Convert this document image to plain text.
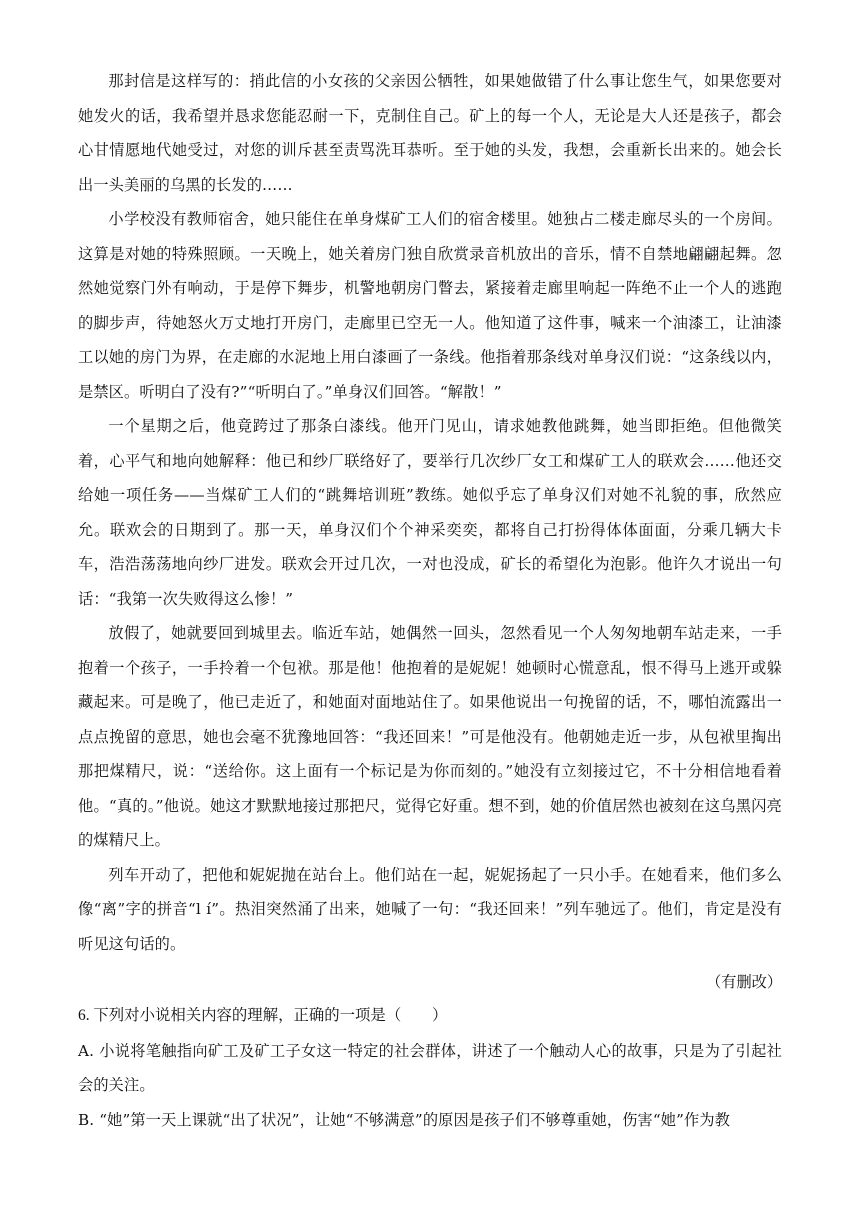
那封信是这样写的：捎此信的小女孩的父亲因公牺牲，如果她做错了什么事让您生气，如果您要对她发火的话，我希望并恳求您能忍耐一下，克制住自己。矿上的每一个人，无论是大人还是孩子，都会心甘情愿地代她受过，对您的训斥甚至责骂洗耳恭听。至于她的头发，我想，会重新长出来的。她会长出一头美丽的乌黑的长发的……

小学校没有教师宿舍，她只能住在单身煤矿工人们的宿舍楼里。她独占二楼走廊尽头的一个房间。这算是对她的特殊照顾。一天晚上，她关着房门独自欣赏录音机放出的音乐，情不自禁地翩翩起舞。忽然她觉察门外有响动，于是停下舞步，机警地朝房门瞥去，紧接着走廊里响起一阵绝不止一个人的逃跑的脚步声，待她怒火万丈地打开房门，走廊里已空无一人。他知道了这件事，喊来一个油漆工，让油漆工以她的房门为界，在走廊的水泥地上用白漆画了一条线。他指着那条线对单身汉们说：“这条线以内，是禁区。听明白了没有?”“听明白了。”单身汉们回答。“解散！”

一个星期之后，他竟跨过了那条白漆线。他开门见山，请求她教他跳舞，她当即拒绝。但他微笑着，心平气和地向她解释：他已和纱厂联络好了，要举行几次纱厂女工和煤矿工人的联欢会……他还交给她一项任务——当煤矿工人们的“跳舞培训班”教练。她似乎忘了单身汉们对她不礼貌的事，欣然应允。联欢会的日期到了。那一天，单身汉们个个神采奕奕，都将自己打扮得体体面面，分乘几辆大卡车，浩浩荡荡地向纱厂进发。联欢会开过几次，一对也没成，矿长的希望化为泡影。他许久才说出一句话：“我第一次失败得这么惨！”

放假了，她就要回到城里去。临近车站，她偶然一回头，忽然看见一个人匆匆地朝车站走来，一手抱着一个孩子，一手拎着一个包袱。那是他！他抱着的是妮妮！她顿时心慌意乱，恨不得马上逃开或躲藏起来。可是晚了，他已走近了，和她面对面地站住了。如果他说出一句挽留的话，不，哪怕流露出一点点挽留的意思，她也会毫不犹豫地回答：“我还回来！”可是他没有。他朝她走近一步，从包袱里掏出那把煤精尺，说：“送给你。这上面有一个标记是为你而刻的。”她没有立刻接过它，不十分相信地看着他。“真的。”他说。她这才默默地接过那把尺，觉得它好重。想不到，她的价值居然也被刻在这乌黑闪亮的煤精尺上。

列车开动了，把他和妮妮抛在站台上。他们站在一起，妮妮扬起了一只小手。在她看来，他们多么像“离”字的拼音“l í”。热泪突然涌了出来，她喊了一句：“我还回来！”列车驰远了。他们，肯定是没有听见这句话的。

（有删改）

6. 下列对小说相关内容的理解，正确的一项是（　　）

A. 小说将笔触指向矿工及矿工子女这一特定的社会群体，讲述了一个触动人心的故事，只是为了引起社会的关注。

B. “她”第一天上课就“出了状况”，让她“不够满意”的原因是孩子们不够尊重她，伤害“她”作为教
